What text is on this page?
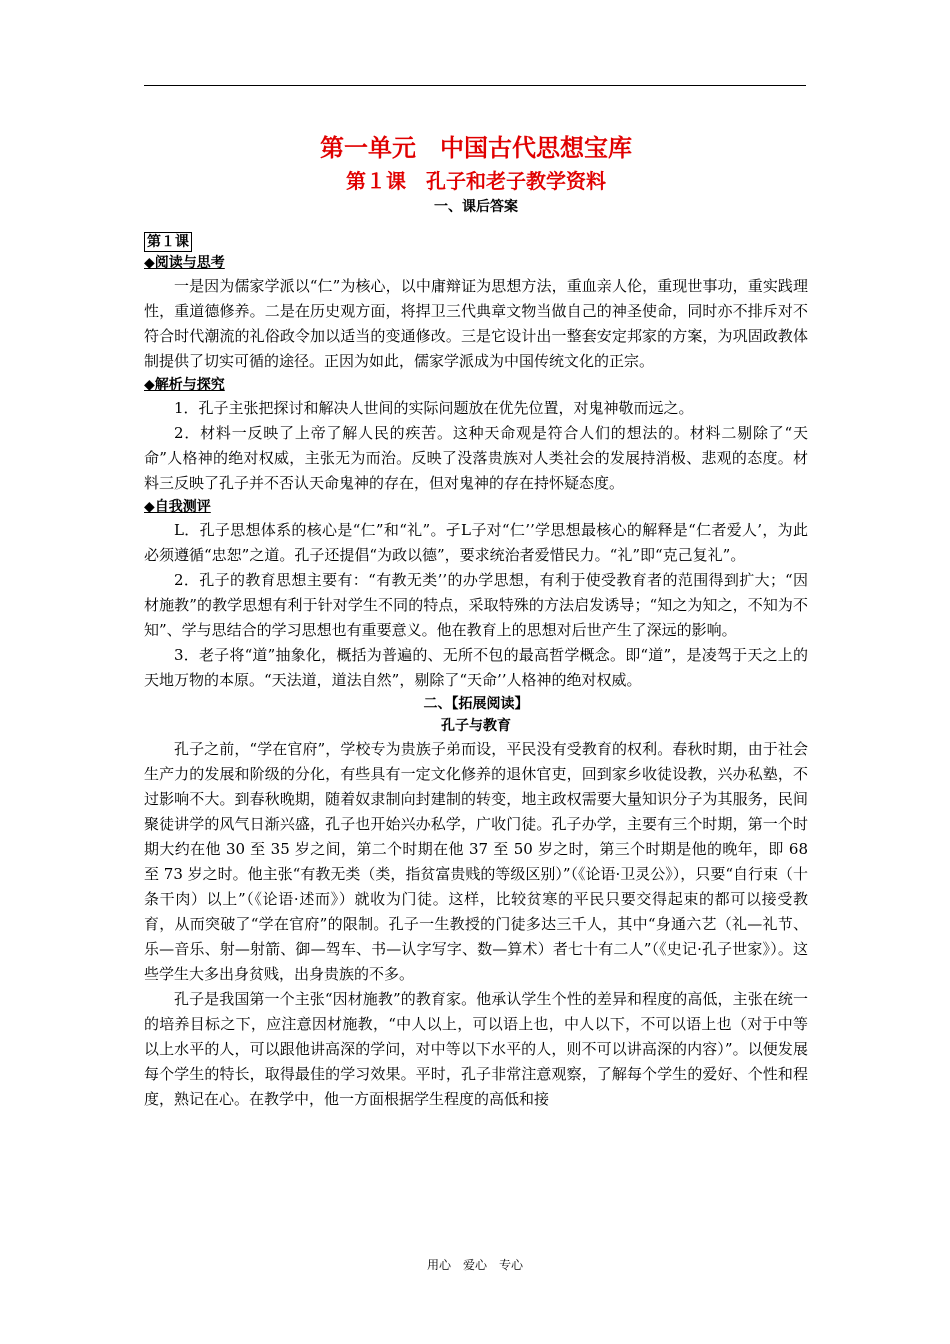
第一单元　中国古代思想宝库
第１课　孔子和老子教学资料
一、课后答案
第１课
◆阅读与思考

一是因为儒家学派以“仁”为核心，以中庸辩证为思想方法，重血亲人伦，重现世事功，重实践理性，重道德修养。二是在历史观方面，将捍卫三代典章文物当做自己的神圣使命，同时亦不排斥对不符合时代潮流的礼俗政令加以适当的变通修改。三是它设计出一整套安定邦家的方案，为巩固政教体制提供了切实可循的途径。正因为如此，儒家学派成为中国传统文化的正宗。

◆解析与探究

1．孔子主张把探讨和解决人世间的实际问题放在优先位置，对鬼神敬而远之。

2．材料一反映了上帝了解人民的疾苦。这种天命观是符合人们的想法的。材料二剔除了“天命”人格神的绝对权威，主张无为而治。反映了没落贵族对人类社会的发展持消极、悲观的态度。材料三反映了孔子并不否认天命鬼神的存在，但对鬼神的存在持怀疑态度。

◆自我测评

L．孔子思想体系的核心是“仁”和“礼”。孑L子对“仁’’学思想最核心的解释是“仁者爱人’，为此必须遵循“忠恕”之道。孔子还提倡“为政以德”，要求统治者爱惜民力。“礼”即“克己复礼”。

2．孔子的教育思想主要有：“有教无类’’的办学思想，有利于使受教育者的范围得到扩大；“因材施教”的教学思想有利于针对学生不同的特点，采取特殊的方法启发诱导；“知之为知之，不知为不知”、学与思结合的学习思想也有重要意义。他在教育上的思想对后世产生了深远的影响。

3．老子将“道”抽象化，概括为普遍的、无所不包的最高哲学概念。即“道”，是凌驾于天之上的天地万物的本原。“天法道，道法自然”，剔除了“天命’’人格神的绝对权威。

二、【拓展阅读】
孔子与教育

孔子之前，“学在官府”，学校专为贵族子弟而设，平民没有受教育的权利。春秋时期，由于社会生产力的发展和阶级的分化，有些具有一定文化修养的退休官吏，回到家乡收徒设教，兴办私塾，不过影响不大。到春秋晚期，随着奴隶制向封建制的转变，地主政权需要大量知识分子为其服务，民间聚徒讲学的风气日渐兴盛，孔子也开始兴办私学，广收门徒。孔子办学，主要有三个时期，第一个时期大约在他 30 至 35 岁之间，第二个时期在他 37 至 50 岁之时，第三个时期是他的晚年，即 68 至 73 岁之时。他主张“有教无类（类，指贫富贵贱的等级区别）”（《论语·卫灵公》），只要“自行束（十条干肉）以上”（《论语·述而》）就收为门徒。这样，比较贫寒的平民只要交得起束的都可以接受教育，从而突破了“学在官府”的限制。孔子一生教授的门徒多达三千人，其中“身通六艺（礼—礼节、乐—音乐、射—射箭、御—驾车、书—认字写字、数—算术）者七十有二人”（《史记·孔子世家》）。这些学生大多出身贫贱，出身贵族的不多。

孔子是我国第一个主张“因材施教”的教育家。他承认学生个性的差异和程度的高低，主张在统一的培养目标之下，应注意因材施教，“中人以上，可以语上也，中人以下，不可以语上也（对于中等以上水平的人，可以跟他讲高深的学问，对中等以下水平的人，则不可以讲高深的内容）”。以便发展每个学生的特长，取得最佳的学习效果。平时，孔子非常注意观察，了解每个学生的爱好、个性和程度，熟记在心。在教学中，他一方面根据学生程度的高低和接

用心　爱心　专心
